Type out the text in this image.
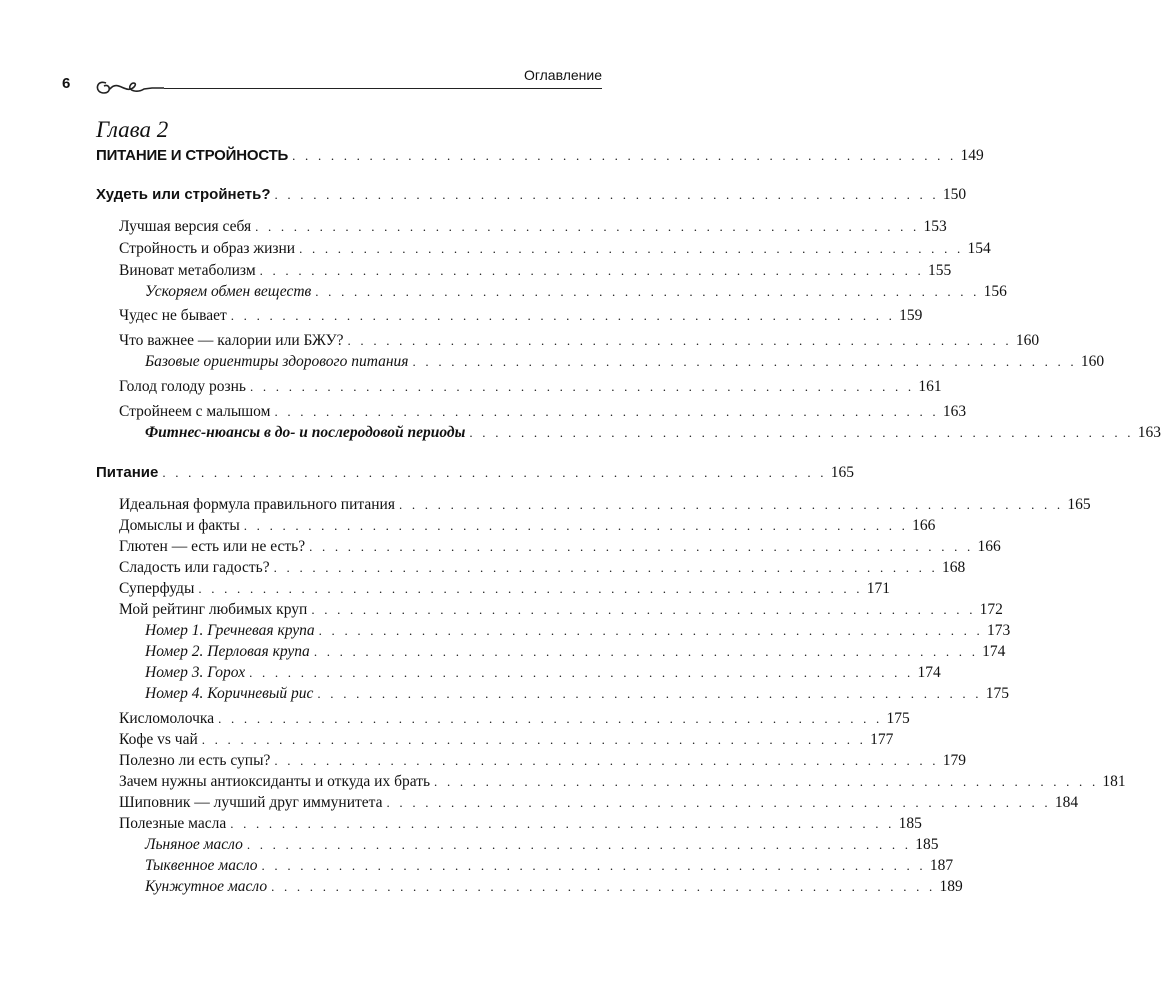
6	Оглавление
Глава 2
ПИТАНИЕ И СТРОЙНОСТЬ . . . . . . . . . . . . . . . . . . . . . . . . . . . . . . . . . . . . . . . . . . . . . . . . . . . . 149
Худеть или стройнеть? . . . . . . . . . . . . . . . . . . . . . . . . . . . . . . . . . . . . . . . . . . . . . . . . . . . . 150
Лучшая версия себя . . . . . . . . . . . . . . . . . . . . . . . . . . . . . . . . . . . . . . . . . . . . . . . . . . . . 153
Стройность и образ жизни . . . . . . . . . . . . . . . . . . . . . . . . . . . . . . . . . . . . . . . . . . . . . . . . . . . . 154
Виноват метаболизм . . . . . . . . . . . . . . . . . . . . . . . . . . . . . . . . . . . . . . . . . . . . . . . . . . . . 155
Ускоряем обмен веществ . . . . . . . . . . . . . . . . . . . . . . . . . . . . . . . . . . . . . . . . . . . . . . . . . . . . 156
Чудес не бывает . . . . . . . . . . . . . . . . . . . . . . . . . . . . . . . . . . . . . . . . . . . . . . . . . . . . 159
Что важнее — калории или БЖУ? . . . . . . . . . . . . . . . . . . . . . . . . . . . . . . . . . . . . . . . . . . . . . . . . . . . . 160
Базовые ориентиры здорового питания . . . . . . . . . . . . . . . . . . . . . . . . . . . . . . . . . . . . . . . . . . . . . . . . . . . . 160
Голод голоду рознь . . . . . . . . . . . . . . . . . . . . . . . . . . . . . . . . . . . . . . . . . . . . . . . . . . . . 161
Стройнеем с малышом . . . . . . . . . . . . . . . . . . . . . . . . . . . . . . . . . . . . . . . . . . . . . . . . . . . . 163
Фитнес-нюансы в до- и послеродовой периоды . . . . . . . . . . . . . . . . . . . . . . . . . . . . . . . . . . . . . . . . . . . . . . . . . . . . 163
Питание . . . . . . . . . . . . . . . . . . . . . . . . . . . . . . . . . . . . . . . . . . . . . . . . . . . . 165
Идеальная формула правильного питания . . . . . . . . . . . . . . . . . . . . . . . . . . . . . . . . . . . . . . . . . . . . . . . . . . . . 165
Домыслы и факты . . . . . . . . . . . . . . . . . . . . . . . . . . . . . . . . . . . . . . . . . . . . . . . . . . . . 166
Глютен — есть или не есть? . . . . . . . . . . . . . . . . . . . . . . . . . . . . . . . . . . . . . . . . . . . . . . . . . . . . 166
Сладость или гадость? . . . . . . . . . . . . . . . . . . . . . . . . . . . . . . . . . . . . . . . . . . . . . . . . . . . . 168
Суперфуды . . . . . . . . . . . . . . . . . . . . . . . . . . . . . . . . . . . . . . . . . . . . . . . . . . . . 171
Мой рейтинг любимых круп . . . . . . . . . . . . . . . . . . . . . . . . . . . . . . . . . . . . . . . . . . . . . . . . . . . . 172
Номер 1. Гречневая крупа . . . . . . . . . . . . . . . . . . . . . . . . . . . . . . . . . . . . . . . . . . . . . . . . . . . . 173
Номер 2. Перловая крупа . . . . . . . . . . . . . . . . . . . . . . . . . . . . . . . . . . . . . . . . . . . . . . . . . . . . 174
Номер 3. Горох . . . . . . . . . . . . . . . . . . . . . . . . . . . . . . . . . . . . . . . . . . . . . . . . . . . . 174
Номер 4. Коричневый рис . . . . . . . . . . . . . . . . . . . . . . . . . . . . . . . . . . . . . . . . . . . . . . . . . . . . 175
Кисломолочка . . . . . . . . . . . . . . . . . . . . . . . . . . . . . . . . . . . . . . . . . . . . . . . . . . . . 175
Кофе vs чай . . . . . . . . . . . . . . . . . . . . . . . . . . . . . . . . . . . . . . . . . . . . . . . . . . . . 177
Полезно ли есть супы? . . . . . . . . . . . . . . . . . . . . . . . . . . . . . . . . . . . . . . . . . . . . . . . . . . . . 179
Зачем нужны антиоксиданты и откуда их брать . . . . . . . . . . . . . . . . . . . . . . . . . . . . . . . . . . . . . . . . . . . . . . . . . . . . 181
Шиповник — лучший друг иммунитета . . . . . . . . . . . . . . . . . . . . . . . . . . . . . . . . . . . . . . . . . . . . . . . . . . . . 184
Полезные масла . . . . . . . . . . . . . . . . . . . . . . . . . . . . . . . . . . . . . . . . . . . . . . . . . . . . 185
Льняное масло . . . . . . . . . . . . . . . . . . . . . . . . . . . . . . . . . . . . . . . . . . . . . . . . . . . . 185
Тыквенное масло . . . . . . . . . . . . . . . . . . . . . . . . . . . . . . . . . . . . . . . . . . . . . . . . . . . . 187
Кунжутное масло . . . . . . . . . . . . . . . . . . . . . . . . . . . . . . . . . . . . . . . . . . . . . . . . . . . . 189
